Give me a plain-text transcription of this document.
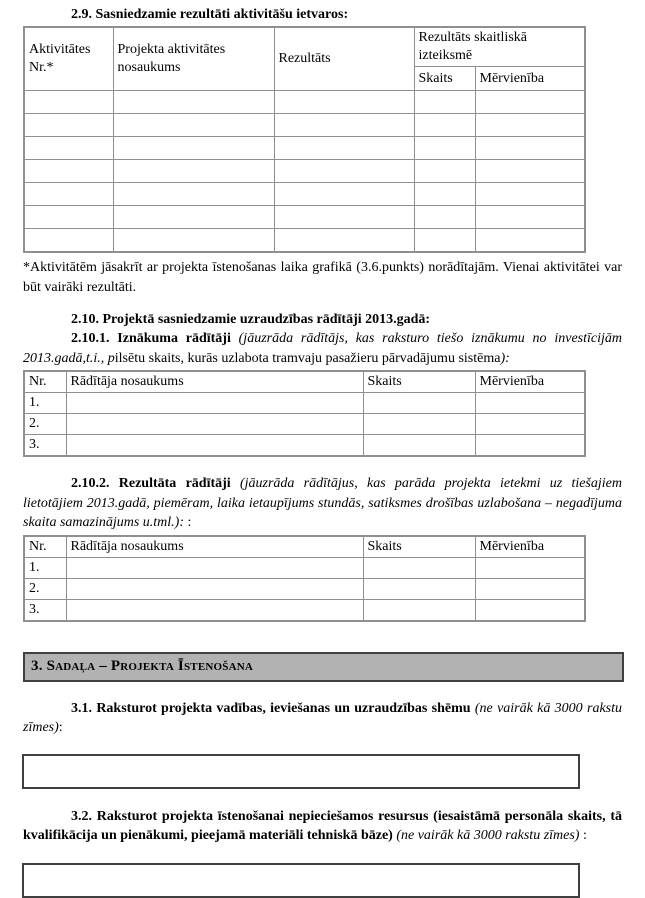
2.9. Sasniedzamie rezultāti aktivitāšu ietvaros:

Aktivitātes Nr.*	Projekta aktivitātes nosaukums	Rezultāts	Rezultāts skaitliskā izteiksmē	
			Skaits	Mērvienība

*Aktivitātēm jāsakrīt ar projekta īstenošanas laika grafikā (3.6.punkts) norādītajām. Vienai aktivitātei var būt vairāki rezultāti.

2.10. Projektā sasniedzamie uzraudzības rādītāji 2013.gadā:

2.10.1. Iznākuma rādītāji (jāuzrāda rādītājs, kas raksturo tiešo iznākumu no investīcijām 2013.gadā,t.i., pilsētu skaits, kurās uzlabota tramvaju pasažieru pārvadājumu sistēma):

Nr.	Rādītāja nosaukums	Skaits	Mērvienība
1.			
2.			
3.			

2.10.2. Rezultāta rādītāji (jāuzrāda rādītājus, kas parāda projekta ietekmi uz tiešajiem lietotājiem 2013.gadā, piemēram, laika ietaupījums stundās, satiksmes drošības uzlabošana – negadījuma skaita samazinājums u.tml.): :

Nr.	Rādītāja nosaukums	Skaits	Mērvienība
1.			
2.			
3.			
3. Sadaļa – Projekta Īstenošana

3.1. Raksturot projekta vadības, ieviešanas un uzraudzības shēmu (ne vairāk kā 3000 rakstu zīmes):

3.2. Raksturot projekta īstenošanai nepieciešamos resursus (iesaistāmā personāla skaits, tā kvalifikācija un pienākumi, pieejamā materiāli tehniskā bāze) (ne vairāk kā 3000 rakstu zīmes) :
